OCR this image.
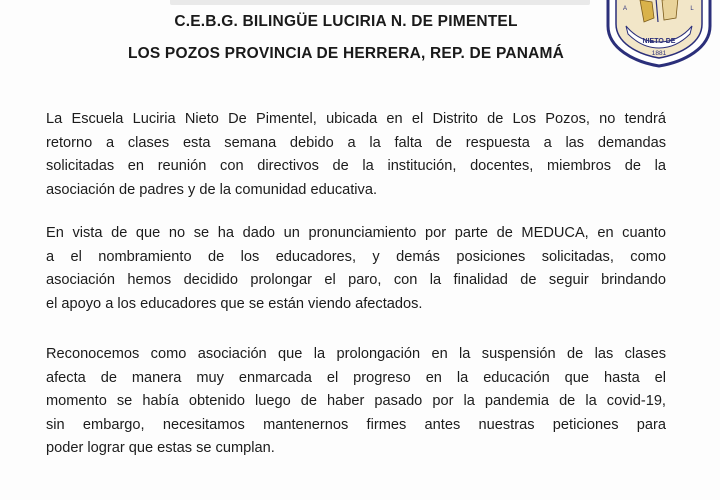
C.E.B.G. BILINGÜE LUCIRIA N. DE PIMENTEL
LOS POZOS PROVINCIA DE HERRERA, REP. DE PANAMÁ
NIETO DE
1881
A	L
La Escuela Luciria Nieto De Pimentel, ubicada en el Distrito de Los Pozos, no tendrá
retorno a clases esta semana debido a la falta de respuesta a las demandas
solicitadas en reunión con directivos de la institución, docentes, miembros de la
asociación de padres y de la comunidad educativa.
En vista de que no se ha dado un pronunciamiento por parte de MEDUCA, en cuanto
a el nombramiento de los educadores, y demás posiciones solicitadas, como
asociación hemos decidido prolongar el paro, con la finalidad de seguir brindando
el apoyo a los educadores que se están viendo afectados.
Reconocemos como asociación que la prolongación en la suspensión de las clases
afecta de manera muy enmarcada el progreso en la educación que hasta el
momento se había obtenido luego de haber pasado por la pandemia de la covid-19,
sin embargo, necesitamos mantenernos firmes antes nuestras peticiones para
poder lograr que estas se cumplan.
